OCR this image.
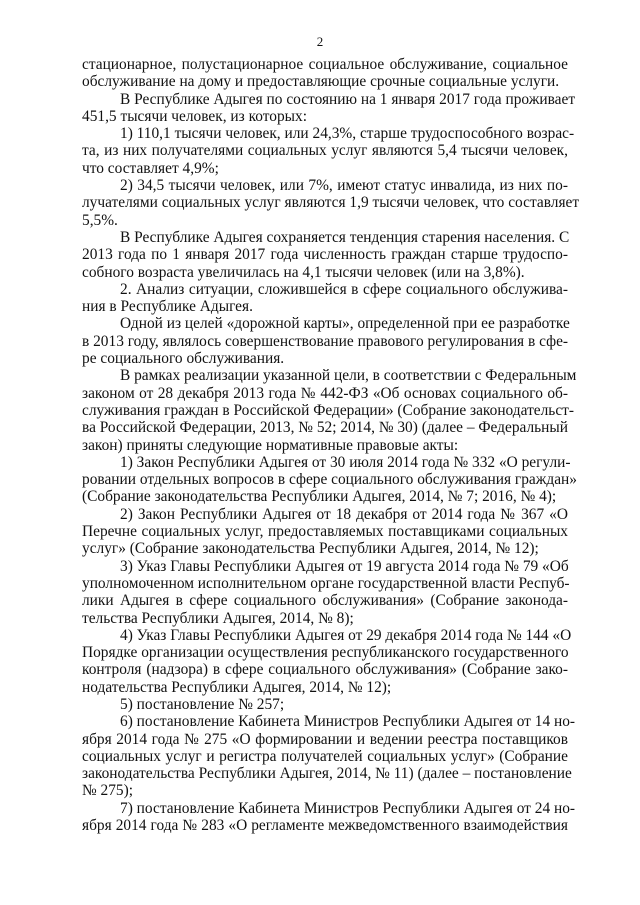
2
стационарное, полустационарное социальное обслуживание, социальное
обслуживание на дому и предоставляющие срочные социальные услуги.
В Республике Адыгея по состоянию на 1 января 2017 года проживает
451,5 тысячи человек, из которых:
1) 110,1 тысячи человек, или 24,3%, старше трудоспособного возрас-
та, из них получателями социальных услуг являются 5,4 тысячи человек,
что составляет 4,9%;
2) 34,5 тысячи человек, или 7%, имеют статус инвалида, из них по-
лучателями социальных услуг являются 1,9 тысячи человек, что составляет
5,5%.
В Республике Адыгея сохраняется тенденция старения населения. С
2013 года по 1 января 2017 года численность граждан старше трудоспо-
собного возраста увеличилась на 4,1 тысячи человек (или на 3,8%).
2. Анализ ситуации, сложившейся в сфере социального обслужива-
ния в Республике Адыгея.
Одной из целей «дорожной карты», определенной при ее разработке
в 2013 году, являлось совершенствование правового регулирования в сфе-
ре социального обслуживания.
В рамках реализации указанной цели, в соответствии с Федеральным
законом от 28 декабря 2013 года № 442-ФЗ «Об основах социального об-
служивания граждан в Российской Федерации» (Собрание законодательст-
ва Российской Федерации, 2013, № 52; 2014, № 30) (далее – Федеральный
закон) приняты следующие нормативные правовые акты:
1) Закон Республики Адыгея от 30 июля 2014 года № 332 «О регули-
ровании отдельных вопросов в сфере социального обслуживания граждан»
(Собрание законодательства Республики Адыгея, 2014, № 7; 2016, № 4);
2) Закон Республики Адыгея от 18 декабря от 2014 года № 367 «О
Перечне социальных услуг, предоставляемых поставщиками социальных
услуг» (Собрание законодательства Республики Адыгея, 2014, № 12);
3) Указ Главы Республики Адыгея от 19 августа 2014 года № 79 «Об
уполномоченном исполнительном органе государственной власти Респуб-
лики Адыгея в сфере социального обслуживания» (Собрание законода-
тельства Республики Адыгея, 2014, № 8);
4) Указ Главы Республики Адыгея от 29 декабря 2014 года № 144 «О
Порядке организации осуществления республиканского государственного
контроля (надзора) в сфере социального обслуживания» (Собрание зако-
нодательства Республики Адыгея, 2014, № 12);
5) постановление № 257;
6) постановление Кабинета Министров Республики Адыгея от 14 но-
ября 2014 года № 275 «О формировании и ведении реестра поставщиков
социальных услуг и регистра получателей социальных услуг» (Собрание
законодательства Республики Адыгея, 2014, № 11) (далее – постановление
№ 275);
7) постановление Кабинета Министров Республики Адыгея от 24 но-
ября 2014 года № 283 «О регламенте межведомственного взаимодействия
